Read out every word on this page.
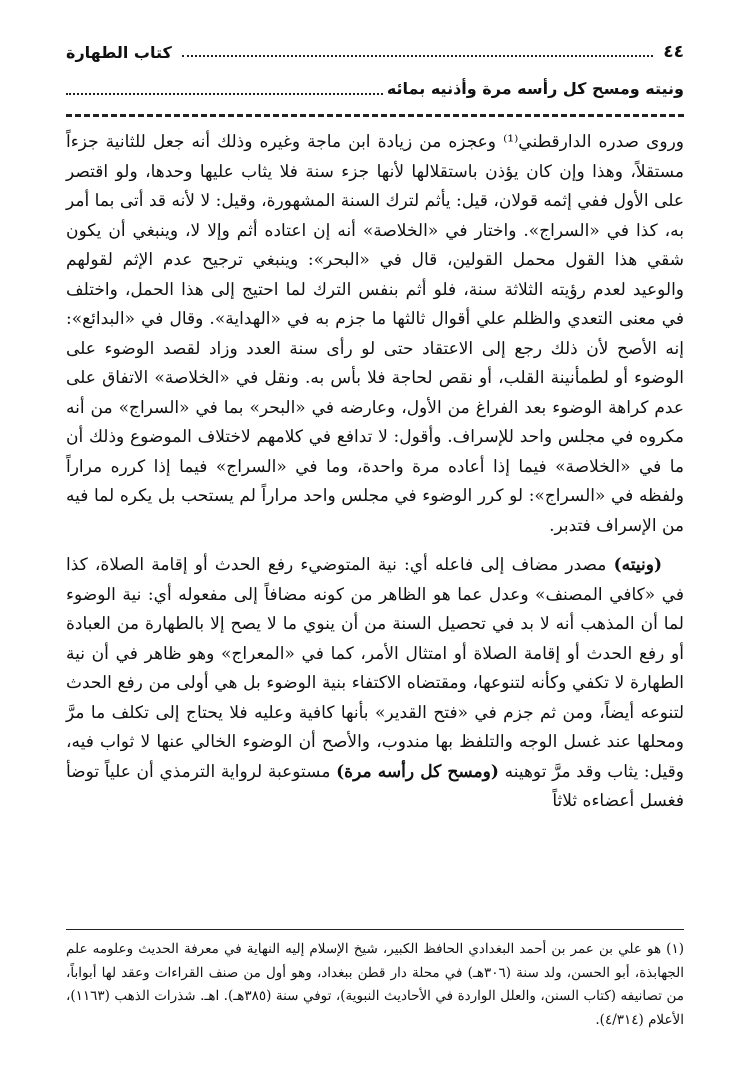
٤٤
كتاب الطهارة
ونيته ومسح كل رأسه مرة وأذنيه بمائه

وروى صدره الدارقطني⁽¹⁾ وعجزه من زيادة ابن ماجة وغيره وذلك أنه جعل للثانية جزءاً مستقلاً، وهذا وإن كان يؤذن باستقلالها لأنها جزء سنة فلا يثاب عليها وحدها، ولو اقتصر على الأول ففي إثمه قولان، قيل: يأثم لترك السنة المشهورة، وقيل: لا لأنه قد أتى بما أمر به، كذا في «السراج». واختار في «الخلاصة» أنه إن اعتاده أثم وإلا لا، وينبغي أن يكون شقي هذا القول محمل القولين، قال في «البحر»: وينبغي ترجيح عدم الإثم لقولهم والوعيد لعدم رؤيته الثلاثة سنة، فلو أثم بنفس الترك لما احتيج إلى هذا الحمل، واختلف في معنى التعدي والظلم علي أقوال ثالثها ما جزم به في «الهداية». وقال في «البدائع»: إنه الأصح لأن ذلك رجع إلى الاعتقاد حتى لو رأى سنة العدد وزاد لقصد الوضوء على الوضوء أو لطمأنينة القلب، أو نقص لحاجة فلا بأس به. ونقل في «الخلاصة» الاتفاق على عدم كراهة الوضوء بعد الفراغ من الأول، وعارضه في «البحر» بما في «السراج» من أنه مكروه في مجلس واحد للإسراف. وأقول: لا تدافع في كلامهم لاختلاف الموضوع وذلك أن ما في «الخلاصة» فيما إذا أعاده مرة واحدة، وما في «السراج» فيما إذا كرره مراراً ولفظه في «السراج»: لو كرر الوضوء في مجلس واحد مراراً لم يستحب بل يكره لما فيه من الإسراف فتدبر.

(ونيته) مصدر مضاف إلى فاعله أي: نية المتوضيء رفع الحدث أو إقامة الصلاة، كذا في «كافي المصنف» وعدل عما هو الظاهر من كونه مضافاً إلى مفعوله أي: نية الوضوء لما أن المذهب أنه لا بد في تحصيل السنة من أن ينوي ما لا يصح إلا بالطهارة من العبادة أو رفع الحدث أو إقامة الصلاة أو امتثال الأمر، كما في «المعراج» وهو ظاهر في أن نية الطهارة لا تكفي وكأنه لتنوعها، ومقتضاه الاكتفاء بنية الوضوء بل هي أولى من رفع الحدث لتنوعه أيضاً، ومن ثم جزم في «فتح القدير» بأنها كافية وعليه فلا يحتاج إلى تكلف ما مرَّ ومحلها عند غسل الوجه والتلفظ بها مندوب، والأصح أن الوضوء الخالي عنها لا ثواب فيه، وقيل: يثاب وقد مرَّ توهينه (ومسح كل رأسه مرة) مستوعبة لرواية الترمذي أن علياً توضأ فغسل أعضاءه ثلاثاً

(١) هو علي بن عمر بن أحمد البغدادي الحافظ الكبير، شيخ الإسلام إليه النهاية في معرفة الحديث وعلومه علم الجهابذة، أبو الحسن، ولد سنة (٣٠٦هـ) في محلة دار قطن ببغداد، وهو أول من صنف القراءات وعقد لها أبواباً، من تصانيفه (كتاب السنن، والعلل الواردة في الأحاديث النبوية)، توفي سنة (٣٨٥هـ). اهـ. شذرات الذهب (١١٦٣)، الأعلام (٤/٣١٤).
